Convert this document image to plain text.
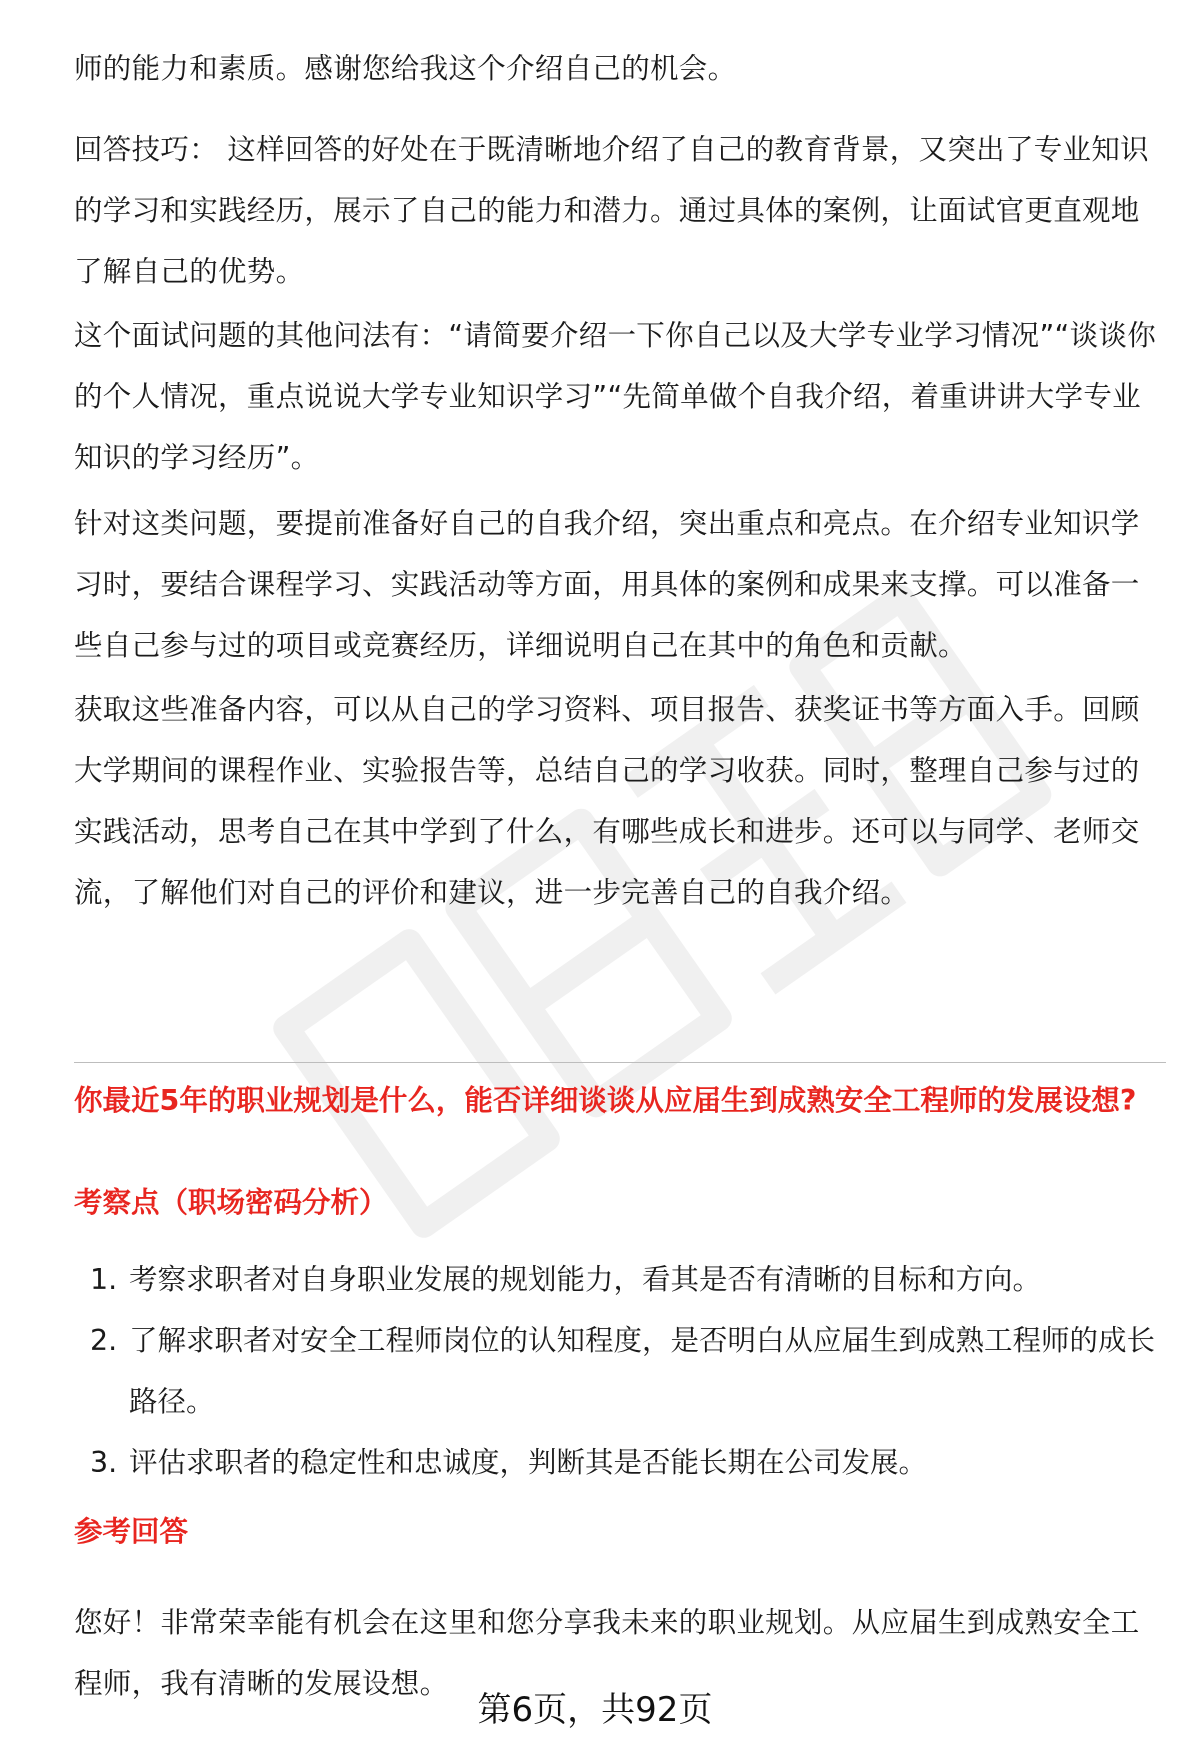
师的能力和素质。感谢您给我这个介绍自己的机会。

回答技巧： 这样回答的好处在于既清晰地介绍了自己的教育背景，又突出了专业知识的学习和实践经历，展示了自己的能力和潜力。通过具体的案例，让面试官更直观地了解自己的优势。

这个面试问题的其他问法有：“请简要介绍一下你自己以及大学专业学习情况”“谈谈你的个人情况，重点说说大学专业知识学习”“先简单做个自我介绍，着重讲讲大学专业知识的学习经历”。

针对这类问题，要提前准备好自己的自我介绍，突出重点和亮点。在介绍专业知识学习时，要结合课程学习、实践活动等方面，用具体的案例和成果来支撑。可以准备一些自己参与过的项目或竞赛经历，详细说明自己在其中的角色和贡献。

获取这些准备内容，可以从自己的学习资料、项目报告、获奖证书等方面入手。回顾大学期间的课程作业、实验报告等，总结自己的学习收获。同时，整理自己参与过的实践活动，思考自己在其中学到了什么，有哪些成长和进步。还可以与同学、老师交流，了解他们对自己的评价和建议，进一步完善自己的自我介绍。

你最近5年的职业规划是什么，能否详细谈谈从应届生到成熟安全工程师的发展设想?
考察点（职场密码分析）
1. 考察求职者对自身职业发展的规划能力，看其是否有清晰的目标和方向。
2. 了解求职者对安全工程师岗位的认知程度，是否明白从应届生到成熟工程师的成长路径。
3. 评估求职者的稳定性和忠诚度，判断其是否能长期在公司发展。
参考回答

您好！非常荣幸能有机会在这里和您分享我未来的职业规划。从应届生到成熟安全工程师，我有清晰的发展设想。

第6页，共92页
